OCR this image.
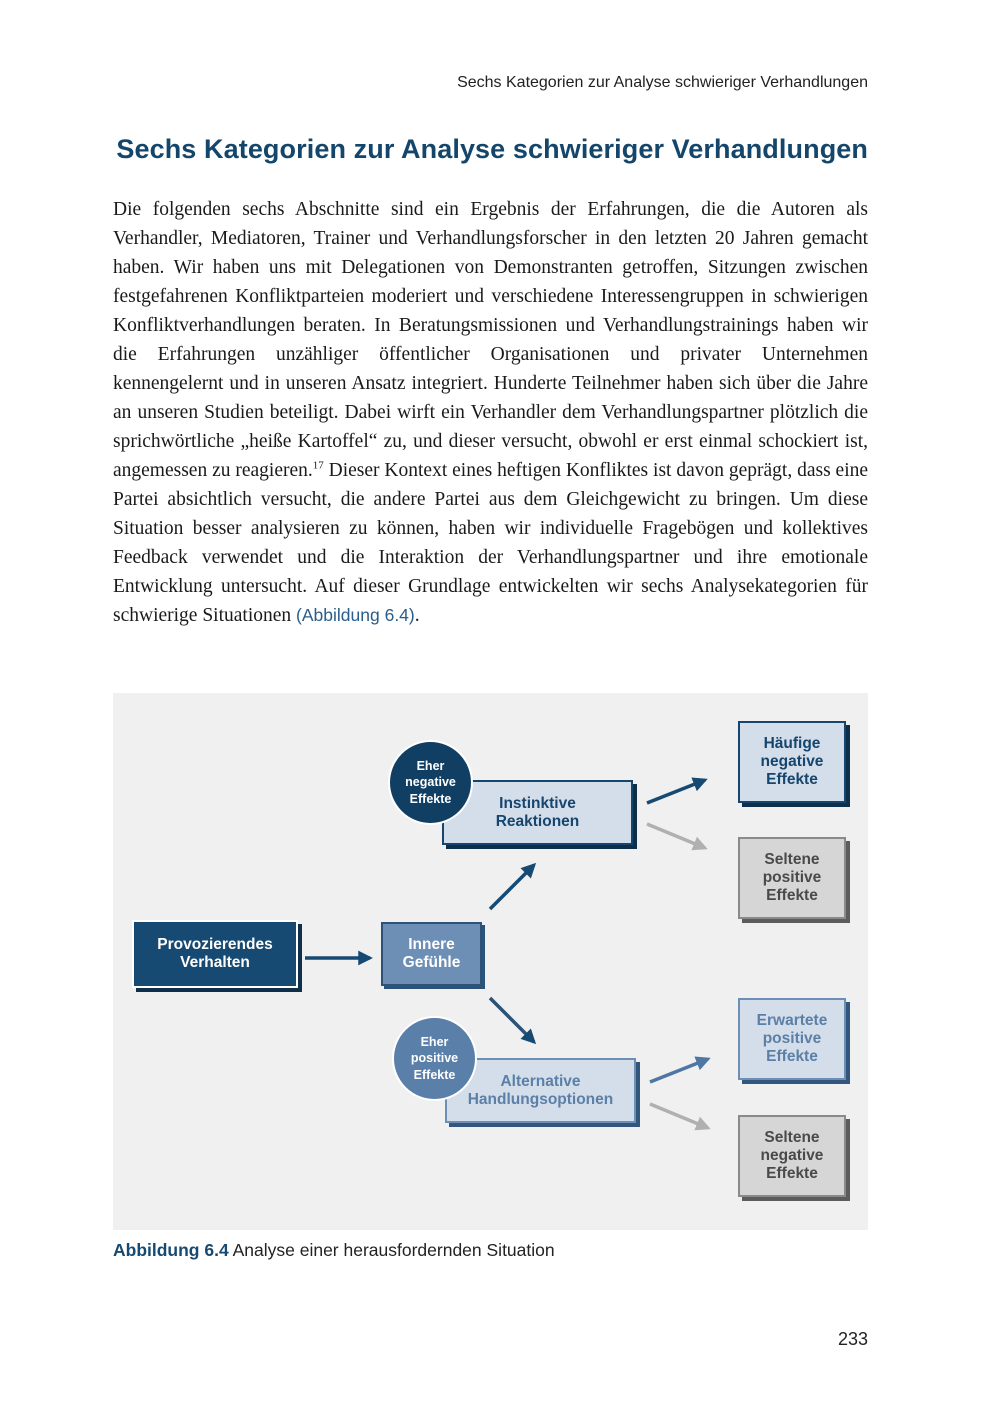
Sechs Kategorien zur Analyse schwieriger Verhandlungen
Sechs Kategorien zur Analyse schwieriger Verhandlungen

Die folgenden sechs Abschnitte sind ein Ergebnis der Erfahrungen, die die Autoren als Verhandler, Mediatoren, Trainer und Verhandlungsforscher in den letzten 20 Jahren gemacht haben. Wir haben uns mit Delegationen von Demonstranten getroffen, Sitzungen zwischen festgefahrenen Konfliktparteien moderiert und verschiedene Interessengruppen in schwierigen Konfliktverhandlungen beraten. In Beratungsmissionen und Verhandlungstrainings haben wir die Erfahrungen unzähliger öffentlicher Organisationen und privater Unternehmen kennengelernt und in unseren Ansatz integriert. Hunderte Teilnehmer haben sich über die Jahre an unseren Studien beteiligt. Dabei wirft ein Verhandler dem Verhandlungspartner plötzlich die sprichwörtliche „heiße Kartoffel“ zu, und dieser versucht, obwohl er erst einmal schockiert ist, angemessen zu reagieren.$^{17}$ Dieser Kontext eines heftigen Konfliktes ist davon geprägt, dass eine Partei absichtlich versucht, die andere Partei aus dem Gleichgewicht zu bringen. Um diese Situation besser analysieren zu können, haben wir individuelle Fragebögen und kollektives Feedback verwendet und die Interaktion der Verhandlungspartner und ihre emotionale Entwicklung untersucht. Auf dieser Grundlage entwickelten wir sechs Analysekategorien für schwierige Situationen (Abbildung 6.4).

Provozierendes
Verhalten
Innere
Gefühle
Instinktive
Reaktionen
Eher
negative
Effekte
Alternative
Handlungsoptionen
Eher
positive
Effekte
Häufige
negative
Effekte
Seltene
positive
Effekte
Erwartete
positive
Effekte
Seltene
negative
Effekte
Abbildung 6.4 Analyse einer herausfordernden Situation
233
